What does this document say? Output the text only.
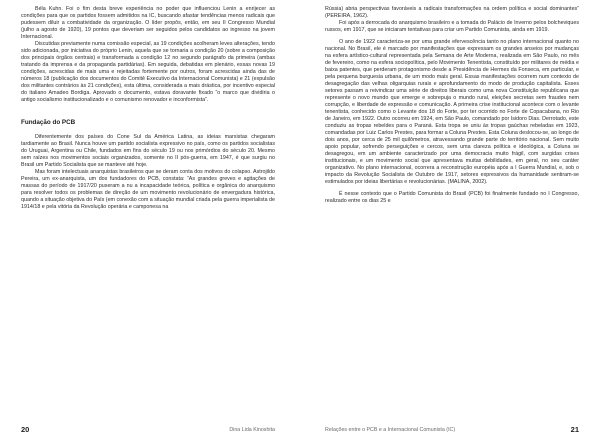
Béla Kuhn. Foi o fim desta breve experiência no poder que influenciou Lenin a enrijecer as condições para que os partidos fossem admitidos na IC, buscando afastar tendências menos radicais que pudessem diluir a combatividade da organização. O líder propôs, então, em seu II Congresso Mundial (julho a agosto de 1920), 19 pontos que deveriam ser seguidos pelos candidatos ao ingresso na jovem Internacional.

Discutidas previamente numa comissão especial, as 19 condições acolheram leves alterações, tendo sido adicionada, por iniciativa do próprio Lenin, aquela que se tornaria a condição 20 (sobre a composição dos principais órgãos centrais) e transformada a condição 12 no segundo parágrafo da primeira (ambas tratando da imprensa e da propaganda partidárias). Em seguida, debatidas em plenário, essas novas 19 condições, acrescidas de mais uma e rejeitadas fortemente por outros, foram acrescidas ainda das de números 18 (publicação dos documentos do Comitê Executivo da Internacional Comunista) e 21 (expulsão dos militantes contrários às 21 condições), esta última, considerada a mais drástica, por incentivo especial do italiano Amadeo Bordiga. Aprovado o documento, estava doravante fixado “o marco que dividiria o antigo socialismo institucionalizado e o comunismo renovador e inconformista”.

Fundação do PCB

Diferentemente dos países do Cone Sul da América Latina, as ideias marxistas chegaram tardiamente ao Brasil. Nunca houve um partido socialista expressivo no país, como os partidos socialistas do Uruguai, Argentina ou Chile, fundados em fins do século 19 ou nos primórdios do século 20. Mesmo sem raízes nos movimentos sociais organizados, somente no II pós-guerra, em 1947, é que surgiu no Brasil um Partido Socialista que se manteve até hoje.

Mas foram intelectuais anarquistas brasileiros que se deram conta dos motivos do colapso. Astrojildo Pereira, um ex-anarquista, um dos fundadores do PCB, constata: “As grandes greves e agitações de massas do período de 1917/20 puseram a nu a incapacidade teórica, política e orgânica do anarquismo para resolver todos os problemas de direção de um movimento revolucionário de envergadura histórica, quando a situação objetiva do País (em conexão com a situação mundial criada pela guerra imperialista de 1914/18 e pela vitória da Revolução operária e camponesa na

Rússia) abria perspectivas favoráveis a radicais transformações na ordem política e social dominantes” (PEREIRA, 1962).

Foi após a derrocada do anarquismo brasileiro e a tomada do Palácio de Inverno pelos bolcheviques russos, em 1917, que se iniciaram tentativas para criar um Partido Comunista, ainda em 1919.

O ano de 1922 caracteriza-se por uma grande efervescência tanto no plano internacional quanto no nacional. No Brasil, ele é marcado por manifestações que expressam os grandes anseios por mudanças na esfera artístico-cultural representada pela Semana de Arte Moderna, realizada em São Paulo, no mês de fevereiro, como na esfera sociopolítica, pelo Movimento Tenentista, constituído por militares de média e baixa patentes, que perderam protagonismo desde a Presidência de Hermes da Fonseca, em particular, e pela pequena burguesia urbana, de um modo mais geral. Essas manifestações ocorrem num contexto de desagregação das velhas oligarquias rurais e aprofundamento do modo de produção capitalista. Esses setores passam a reivindicar uma série de direitos liberais como uma nova Constituição republicana que represente o novo mundo que emerge e sobrepuja o mundo rural, eleições secretas sem fraudes nem corrupção, e liberdade de expressão e comunicação. A primeira crise institucional acontece com o levante tenentista, conhecido como o Levante dos 18 do Forte, por ter ocorrido no Forte de Copacabana, no Rio de Janeiro, em 1922. Outro ocorreu em 1924, em São Paulo, comandado por Isidoro Dias. Derrotado, este conduziu as tropas rebeldes para o Paraná. Esta tropa se uniu às tropas gaúchas rebeladas em 1923, comandadas por Luiz Carlos Prestes, para formar a Coluna Prestes. Esta Coluna deslocou-se, ao longo de dois anos, por cerca de 25 mil quilômetros, atravessando grande parte do território nacional. Sem muito apoio popular, sofrendo perseguições e cercos, sem uma clareza política e ideológica, a Coluna se desagregou, em um ambiente caracterizado por uma democracia muito frágil, com surgidas crises institucionais, e um movimento social que apresentava muitas debilidades, em geral, no seu caráter organizativo. No plano internacional, ocorrera a reconstrução européia após a I Guerra Mundial, e, sob o impacto da Revolução Socialista de Outubro de 1917, setores expressivos da humanidade sentiram-se estimulados por ideias libertárias e revolucionárias. (MALINA, 2002).

É nesse contexto que o Partido Comunista do Brasil (PCB) foi finalmente fundado no I Congresso, realizado entre os dias 25 e

20	Dina Lida Kinoshita	Relações entre o PCB e a Internacional Comunista (IC)	21
